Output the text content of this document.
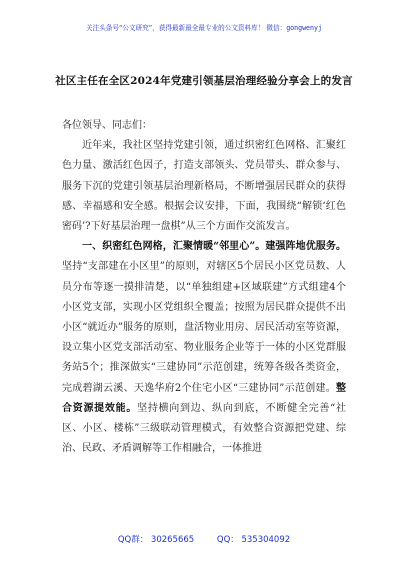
关注头条号“公文研究”，获得最新最全最专业的公文资料库！ 微信：gongwenyj
社区主任在全区2024年党建引领基层治理经验分享会上的发言

各位领导、同志们：

近年来，我社区坚持党建引领，通过织密红色网格、汇聚红色力量、激活红色因子，打造支部领头、党员带头、群众参与、服务下沉的党建引领基层治理新格局，不断增强居民群众的获得感、幸福感和安全感。根据会议安排，下面，我围绕“解锁‘红色密码’?下好基层治理一盘棋”从三个方面作交流发言。

一、织密红色网格，汇聚情暖“邻里心”。建强阵地优服务。坚持“支部建在小区里”的原则，对辖区5个居民小区党员数、人员分布等逐一摸排清楚，以“单独组建+区域联建”方式组建4个小区党支部，实现小区党组织全覆盖；按照为居民群众提供不出小区“就近办”服务的原则，盘活物业用房、居民活动室等资源，设立集小区党支部活动室、物业服务企业等于一体的小区党群服务站5个；推深做实“三建协同”示范创建，统筹各级各类资金，完成碧湖云溪、天逸华府2个住宅小区“三建协同”示范创建。整合资源提效能。坚持横向到边、纵向到底，不断健全完善“社区、小区、楼栋”三级联动管理模式，有效整合资源把党建、综治、民政、矛盾调解等工作相融合，一体推进

QQ群： 30265665	QQ： 535304092
